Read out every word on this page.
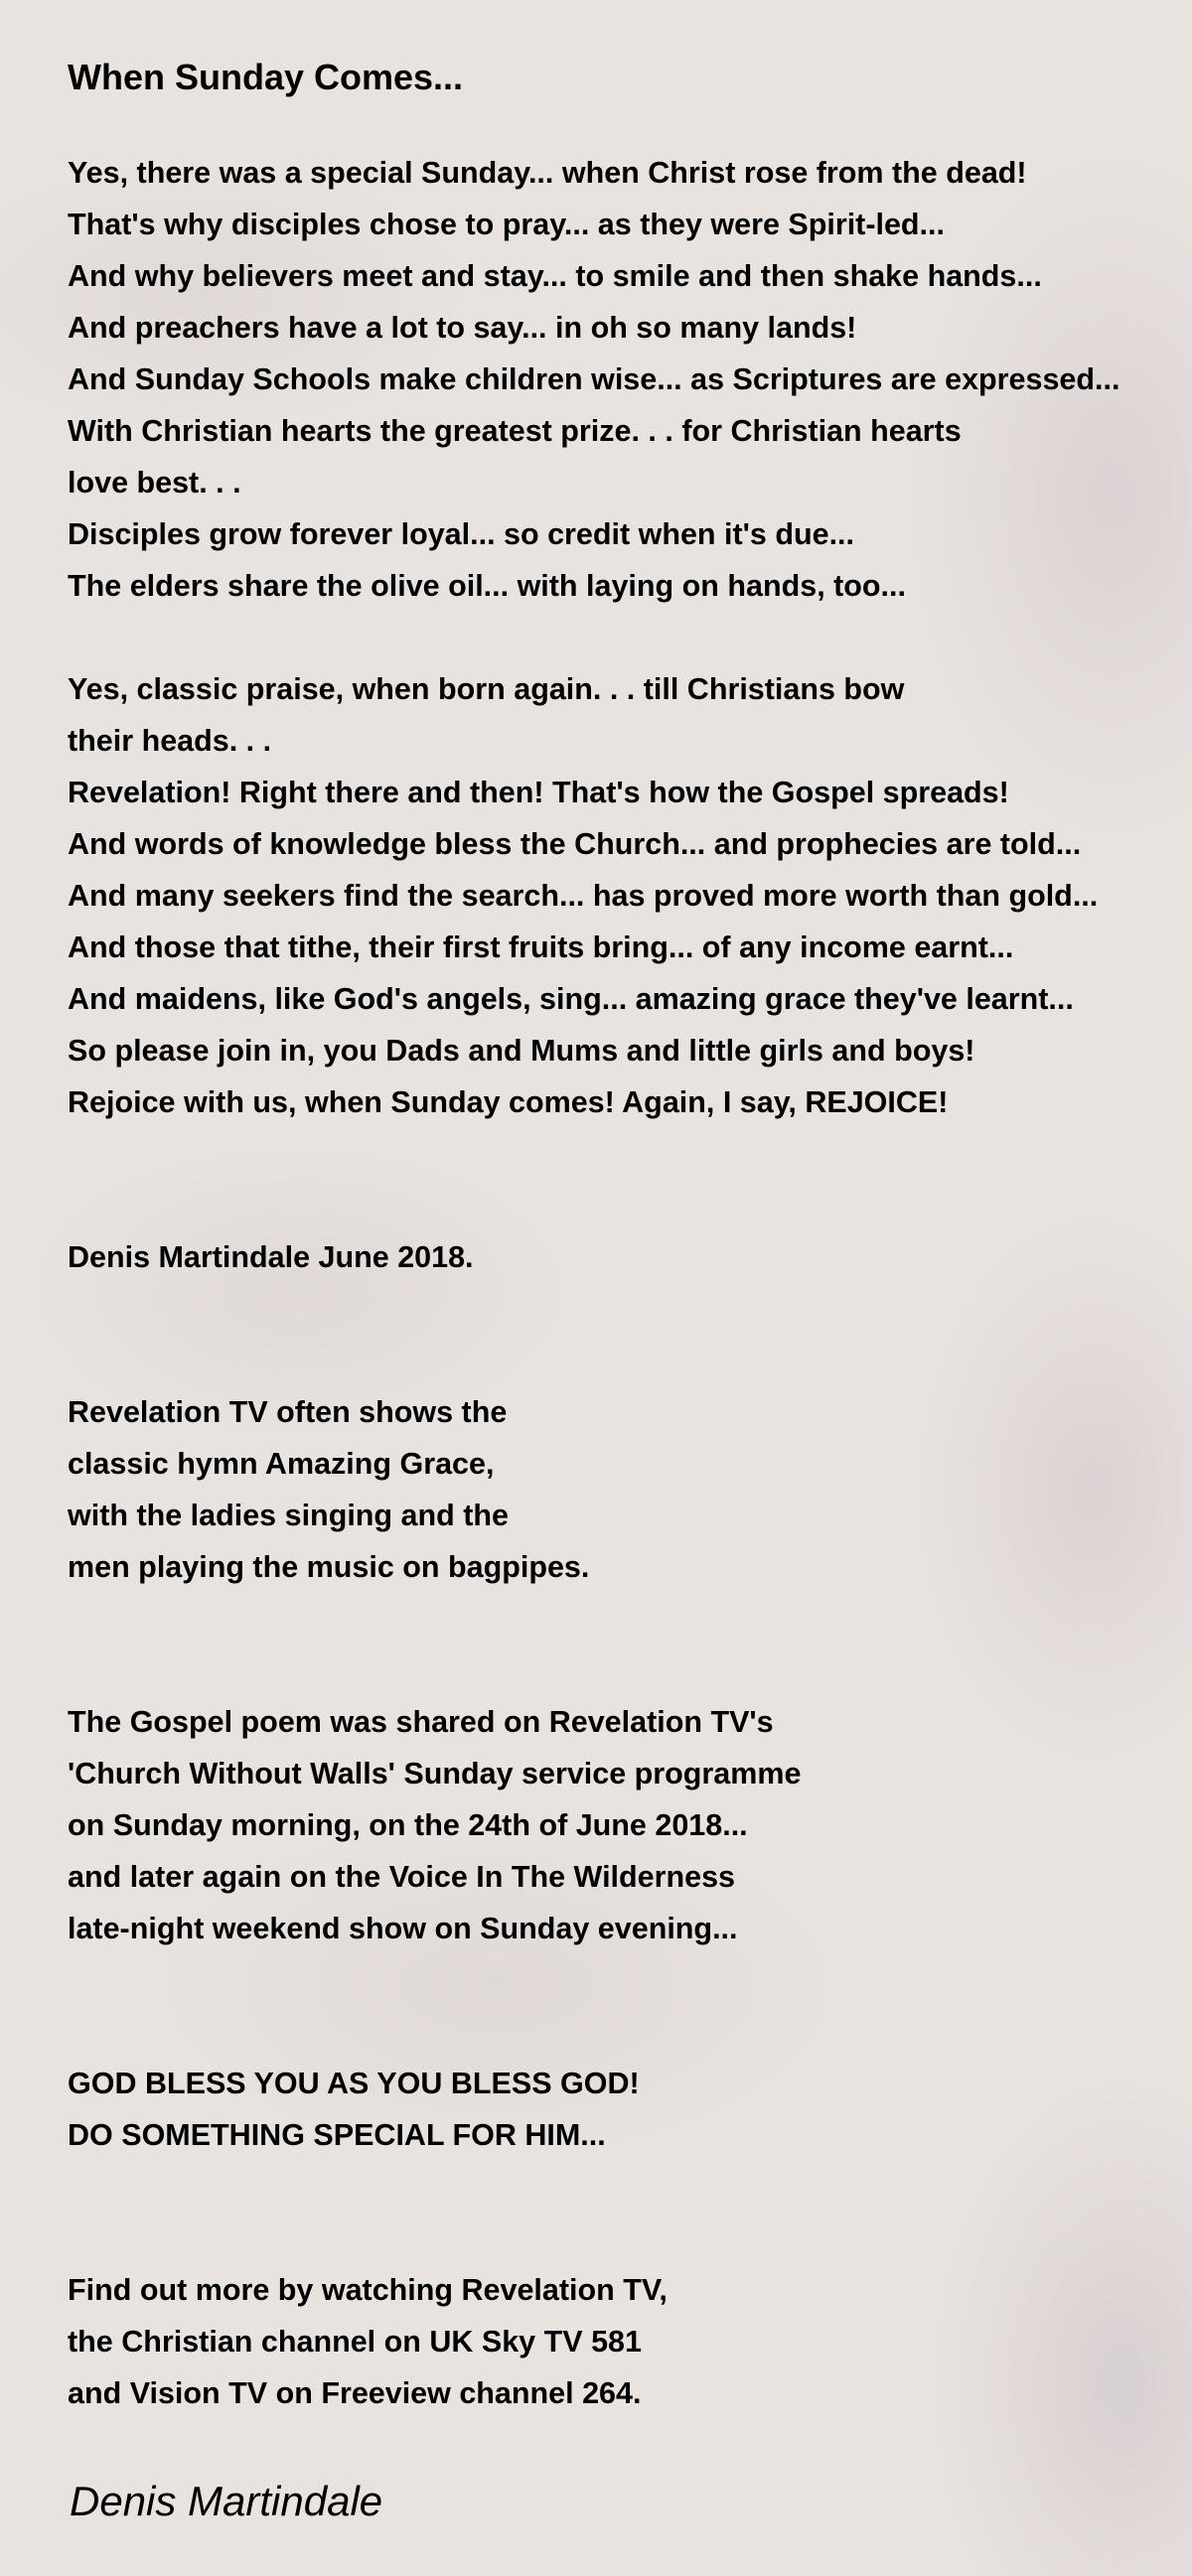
When Sunday Comes...
Yes, there was a special Sunday... when Christ rose from the dead!
That's why disciples chose to pray... as they were Spirit-led...
And why believers meet and stay... to smile and then shake hands...
And preachers have a lot to say... in oh so many lands!
And Sunday Schools make children wise... as Scriptures are expressed...
With Christian hearts the greatest prize. . . for Christian hearts
love best. . .
Disciples grow forever loyal... so credit when it's due...
The elders share the olive oil... with laying on hands, too...
Yes, classic praise, when born again. . . till Christians bow
their heads. . .
Revelation! Right there and then! That's how the Gospel spreads!
And words of knowledge bless the Church... and prophecies are told...
And many seekers find the search... has proved more worth than gold...
And those that tithe, their first fruits bring... of any income earnt...
And maidens, like God's angels, sing... amazing grace they've learnt...
So please join in, you Dads and Mums and little girls and boys!
Rejoice with us, when Sunday comes! Again, I say, REJOICE!
Denis Martindale June 2018.
Revelation TV often shows the
classic hymn Amazing Grace,
with the ladies singing and the
men playing the music on bagpipes.
The Gospel poem was shared on Revelation TV's
'Church Without Walls' Sunday service programme
on Sunday morning, on the 24th of June 2018...
and later again on the Voice In The Wilderness
late-night weekend show on Sunday evening...
GOD BLESS YOU AS YOU BLESS GOD!
DO SOMETHING SPECIAL FOR HIM...
Find out more by watching Revelation TV,
the Christian channel on UK Sky TV 581
and Vision TV on Freeview channel 264.
Denis Martindale
